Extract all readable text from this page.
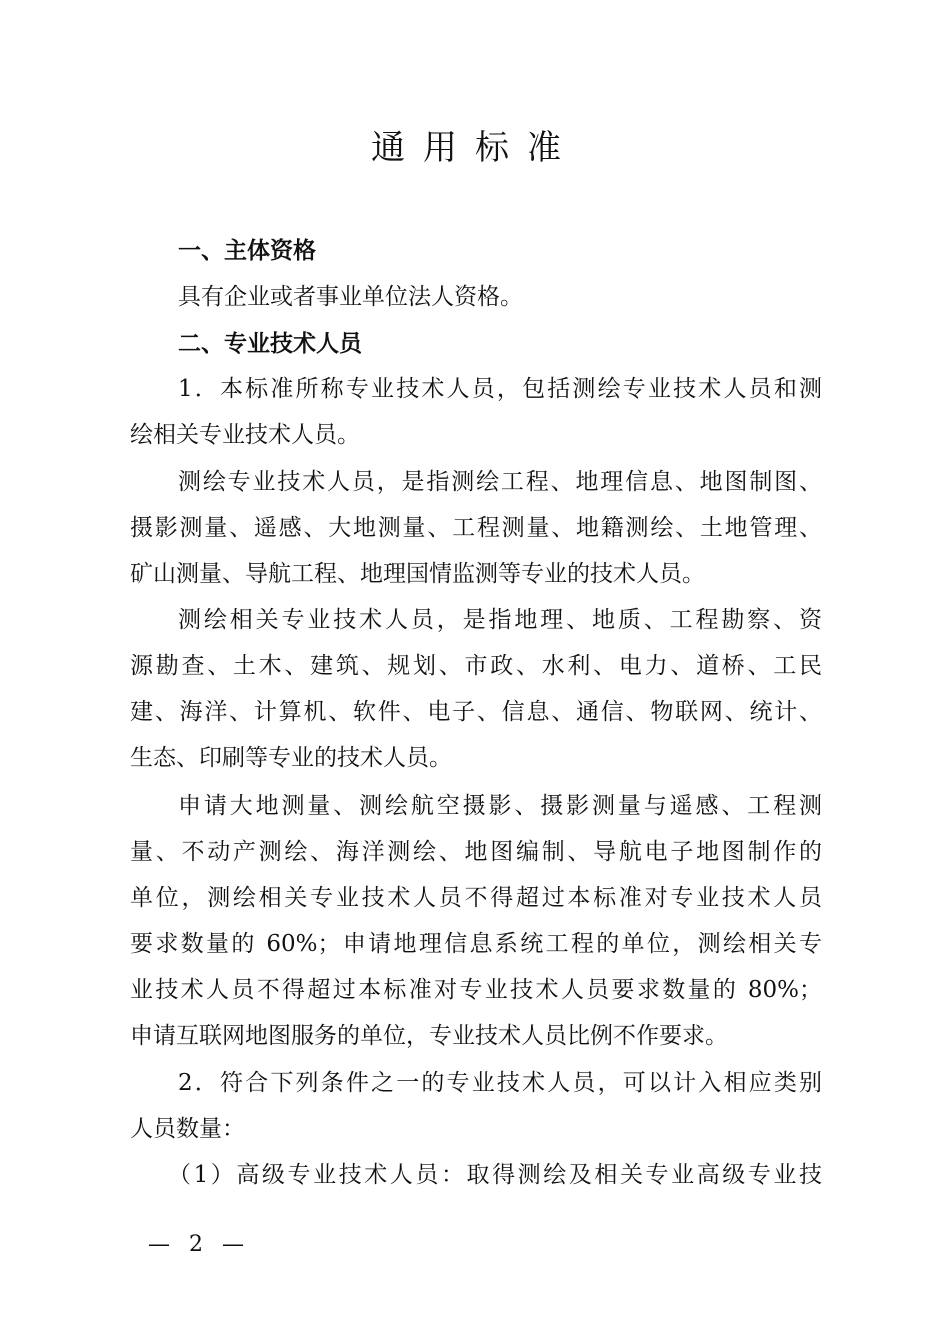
通用标准
一、主体资格
具有企业或者事业单位法人资格。
二、专业技术人员
1．本标准所称专业技术人员，包括测绘专业技术人员和测
绘相关专业技术人员。
测绘专业技术人员，是指测绘工程、地理信息、地图制图、
摄影测量、遥感、大地测量、工程测量、地籍测绘、土地管理、
矿山测量、导航工程、地理国情监测等专业的技术人员。
测绘相关专业技术人员，是指地理、地质、工程勘察、资
源勘查、土木、建筑、规划、市政、水利、电力、道桥、工民
建、海洋、计算机、软件、电子、信息、通信、物联网、统计、
生态、印刷等专业的技术人员。
申请大地测量、测绘航空摄影、摄影测量与遥感、工程测
量、不动产测绘、海洋测绘、地图编制、导航电子地图制作的
单位，测绘相关专业技术人员不得超过本标准对专业技术人员
要求数量的 60%；申请地理信息系统工程的单位，测绘相关专
业技术人员不得超过本标准对专业技术人员要求数量的 80%；
申请互联网地图服务的单位，专业技术人员比例不作要求。
2．符合下列条件之一的专业技术人员，可以计入相应类别
人员数量：
（1）高级专业技术人员：取得测绘及相关专业高级专业技
— 2 —
